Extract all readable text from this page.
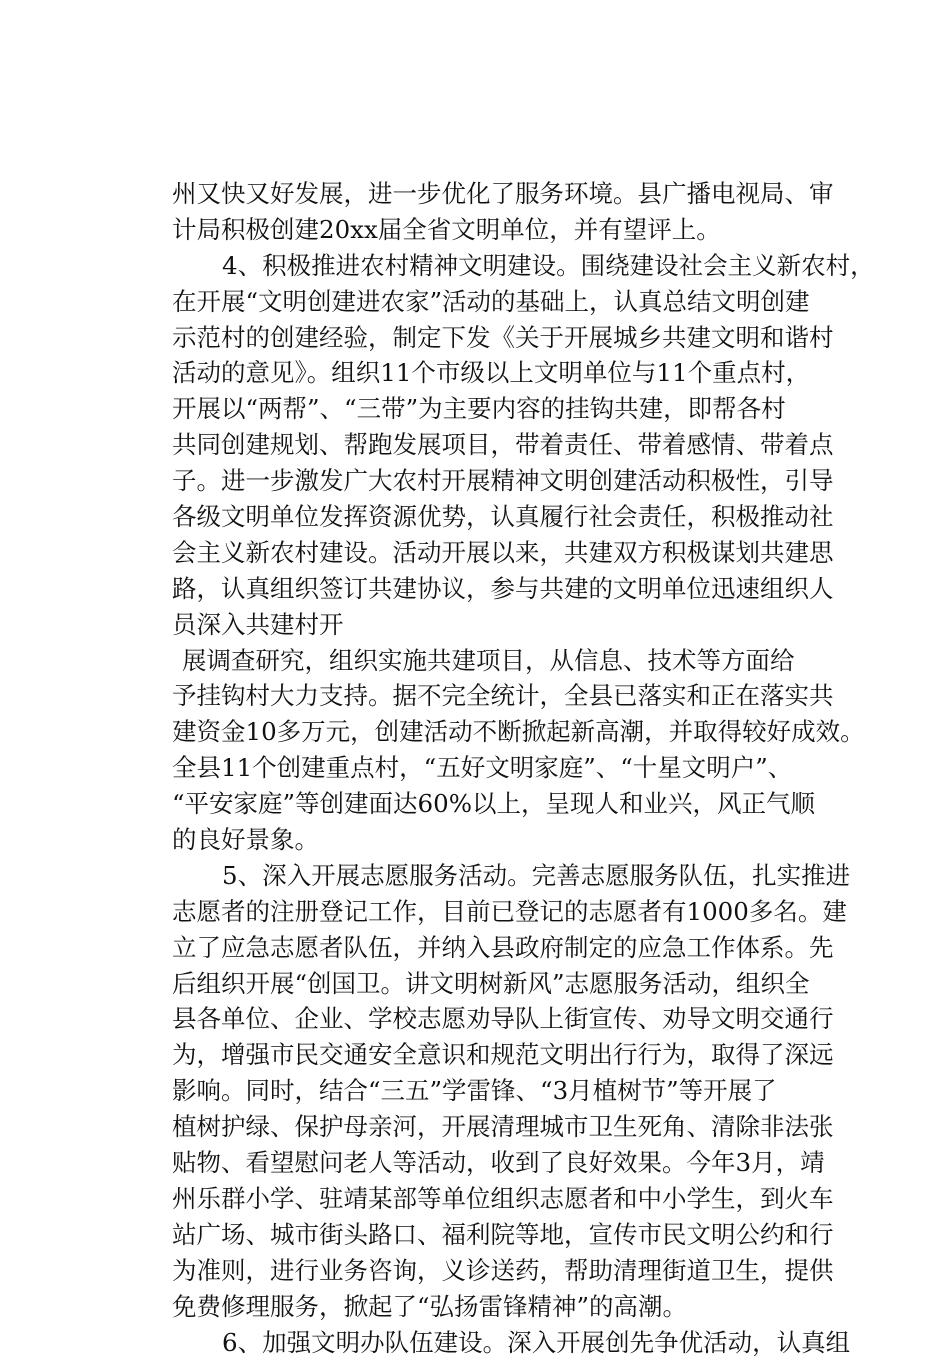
州又快又好发展，进一步优化了服务环境。县广播电视局、审
计局积极创建20xx届全省文明单位，并有望评上。
4、积极推进农村精神文明建设。围绕建设社会主义新农村，
在开展“文明创建进农家”活动的基础上，认真总结文明创建
示范村的创建经验，制定下发《关于开展城乡共建文明和谐村
活动的意见》。组织11个市级以上文明单位与11个重点村，
开展以“两帮”、“三带”为主要内容的挂钩共建，即帮各村
共同创建规划、帮跑发展项目，带着责任、带着感情、带着点
子。进一步激发广大农村开展精神文明创建活动积极性，引导
各级文明单位发挥资源优势，认真履行社会责任，积极推动社
会主义新农村建设。活动开展以来，共建双方积极谋划共建思
路，认真组织签订共建协议，参与共建的文明单位迅速组织人
员深入共建村开
展调查研究，组织实施共建项目，从信息、技术等方面给
予挂钩村大力支持。据不完全统计，全县已落实和正在落实共
建资金10多万元，创建活动不断掀起新高潮，并取得较好成效。
全县11个创建重点村，“五好文明家庭”、“十星文明户”、
“平安家庭”等创建面达60%以上，呈现人和业兴，风正气顺
的良好景象。
5、深入开展志愿服务活动。完善志愿服务队伍，扎实推进
志愿者的注册登记工作，目前已登记的志愿者有1000多名。建
立了应急志愿者队伍，并纳入县政府制定的应急工作体系。先
后组织开展“创国卫。讲文明树新风”志愿服务活动，组织全
县各单位、企业、学校志愿劝导队上街宣传、劝导文明交通行
为，增强市民交通安全意识和规范文明出行行为，取得了深远
影响。同时，结合“三五”学雷锋、“3月植树节”等开展了
植树护绿、保护母亲河，开展清理城市卫生死角、清除非法张
贴物、看望慰问老人等活动，收到了良好效果。今年3月，靖
州乐群小学、驻靖某部等单位组织志愿者和中小学生，到火车
站广场、城市街头路口、福利院等地，宣传市民文明公约和行
为准则，进行业务咨询，义诊送药，帮助清理街道卫生，提供
免费修理服务，掀起了“弘扬雷锋精神”的高潮。
6、加强文明办队伍建设。深入开展创先争优活动，认真组
